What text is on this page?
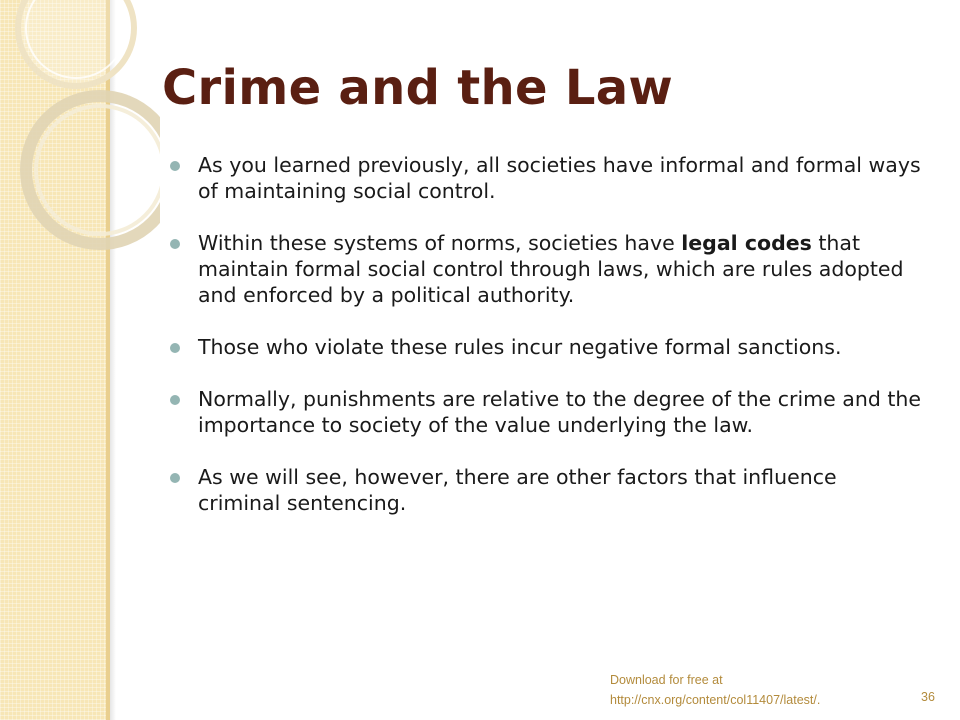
Crime and the Law
As you learned previously, all societies have informal and formal ways of maintaining social control.
Within these systems of norms, societies have legal codes that maintain formal social control through laws, which are rules adopted and enforced by a political authority.
Those who violate these rules incur negative formal sanctions.
Normally, punishments are relative to the degree of the crime and the importance to society of the value underlying the law.
As we will see, however, there are other factors that influence criminal sentencing.
Download for free at
http://cnx.org/content/col11407/latest/.	36
